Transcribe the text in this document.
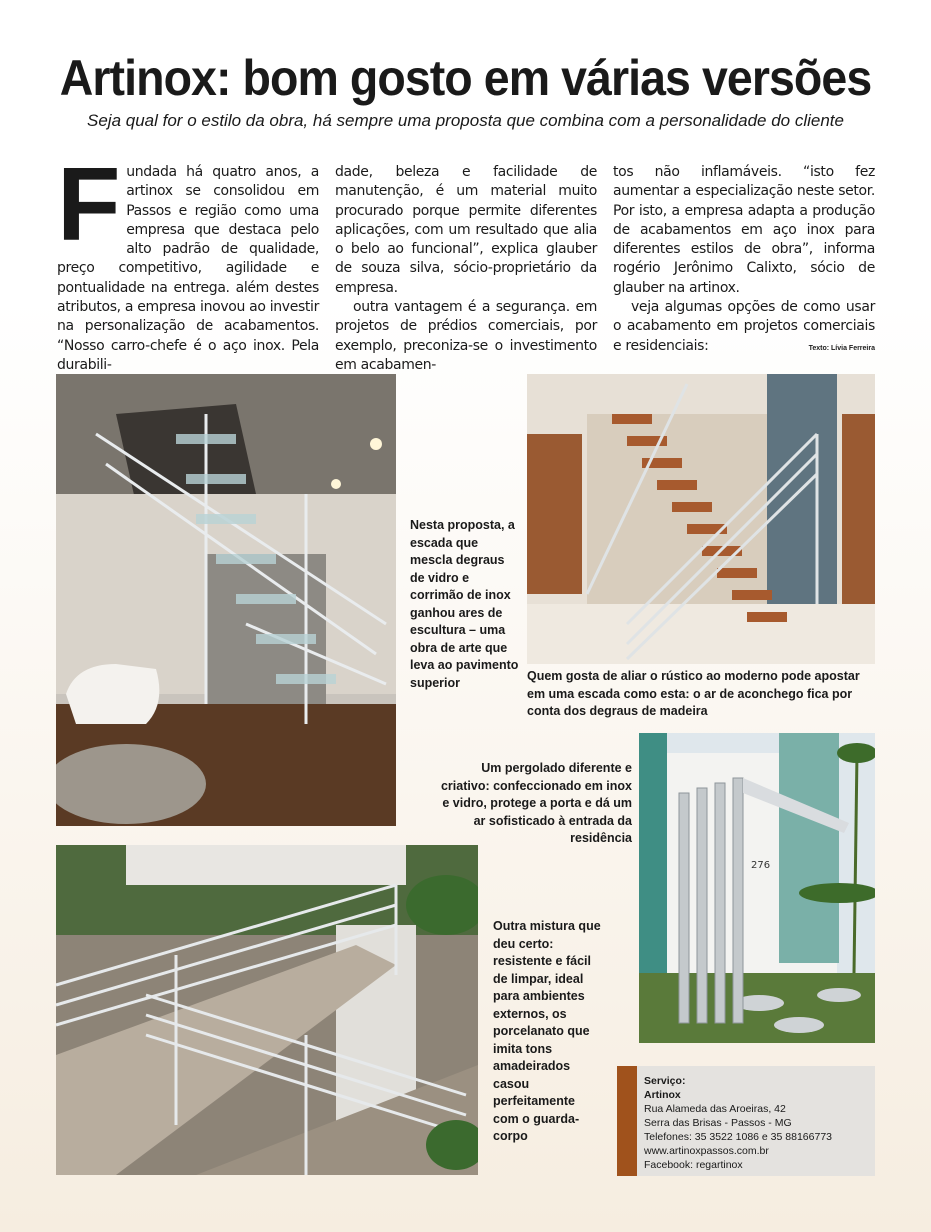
Artinox: bom gosto em várias versões

Seja qual for o estilo da obra, há sempre uma proposta que combina com a personalidade do cliente

F undada há quatro anos, a artinox se consolidou em Passos e região como uma empresa que destaca pelo alto padrão de qualidade, preço competitivo, agilidade e pontualidade na entrega. além destes atributos, a empresa inovou ao investir na personalização de acabamentos. “Nosso carro-chefe é o aço inox. Pela durabili-

dade, beleza e facilidade de manutenção, é um material muito procurado porque permite diferentes aplicações, com um resultado que alia o belo ao funcional”, explica glauber de souza silva, sócio-proprietário da empresa.

outra vantagem é a segurança. em projetos de prédios comerciais, por exemplo, preconiza-se o investimento em acabamen-

tos não inflamáveis. “isto fez aumentar a especialização neste setor. Por isto, a empresa adapta a produção de acabamentos em aço inox para diferentes estilos de obra”, informa rogério Jerônimo Calixto, sócio de glauber na artinox.

veja algumas opções de como usar o acabamento em projetos comerciais e residenciais:	Texto: Lívia Ferreira
276
Nesta proposta, a escada que mescla degraus de vidro e corrimão de inox ganhou ares de escultura – uma obra de arte que leva ao pavimento superior	Quem gosta de aliar o rústico ao moderno pode apostar em uma escada como esta: o ar de aconchego fica por conta dos degraus de madeira
Um pergolado diferente e criativo: confeccionado em inox e vidro, protege a porta e dá um ar sofisticado à entrada da residência
Outra mistura que deu certo: resistente e fácil de limpar, ideal para ambientes externos, os porcelanato que imita tons amadeirados casou perfeitamente com o guarda-corpo
Serviço:
Artinox
Rua Alameda das Aroeiras, 42
Serra das Brisas - Passos - MG
Telefones: 35 3522 1086 e 35 88166773
www.artinoxpassos.com.br
Facebook: regartinox
